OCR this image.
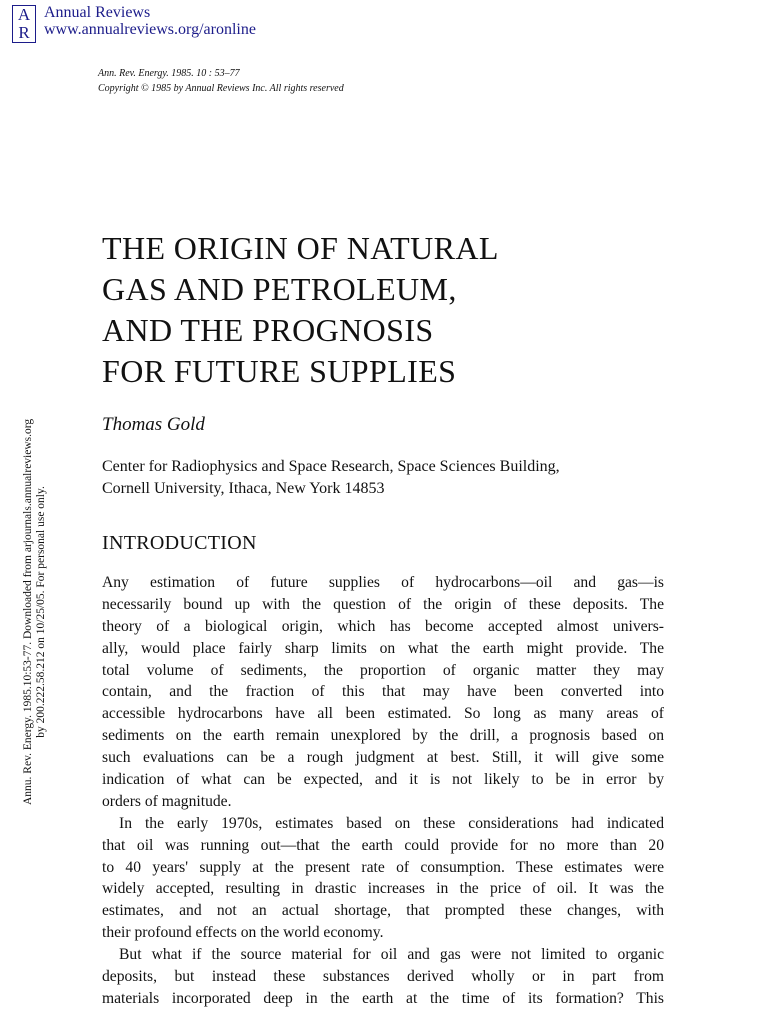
A
R
Annual Reviews
www.annualreviews.org/aronline
Ann. Rev. Energy. 1985. 10 : 53–77
Copyright © 1985 by Annual Reviews Inc. All rights reserved
Annu. Rev. Energy. 1985.10:53-77. Downloaded from arjournals.annualreviews.org by 200.222.58.212 on 10/25/05. For personal use only.
THE ORIGIN OF NATURAL
GAS AND PETROLEUM,
AND THE PROGNOSIS
FOR FUTURE SUPPLIES
Thomas Gold
Center for Radiophysics and Space Research, Space Sciences Building,
Cornell University, Ithaca, New York 14853
INTRODUCTION
Any estimation of future supplies of hydrocarbons—oil and gas—is
necessarily bound up with the question of the origin of these deposits. The
theory of a biological origin, which has become accepted almost univers-
ally, would place fairly sharp limits on what the earth might provide. The
total volume of sediments, the proportion of organic matter they may
contain, and the fraction of this that may have been converted into
accessible hydrocarbons have all been estimated. So long as many areas of
sediments on the earth remain unexplored by the drill, a prognosis based on
such evaluations can be a rough judgment at best. Still, it will give some
indication of what can be expected, and it is not likely to be in error by
orders of magnitude.
In the early 1970s, estimates based on these considerations had indicated
that oil was running out—that the earth could provide for no more than 20
to 40 years' supply at the present rate of consumption. These estimates were
widely accepted, resulting in drastic increases in the price of oil. It was the
estimates, and not an actual shortage, that prompted these changes, with
their profound effects on the world economy.
But what if the source material for oil and gas were not limited to organic
deposits, but instead these substances derived wholly or in part from
materials incorporated deep in the earth at the time of its formation? This
